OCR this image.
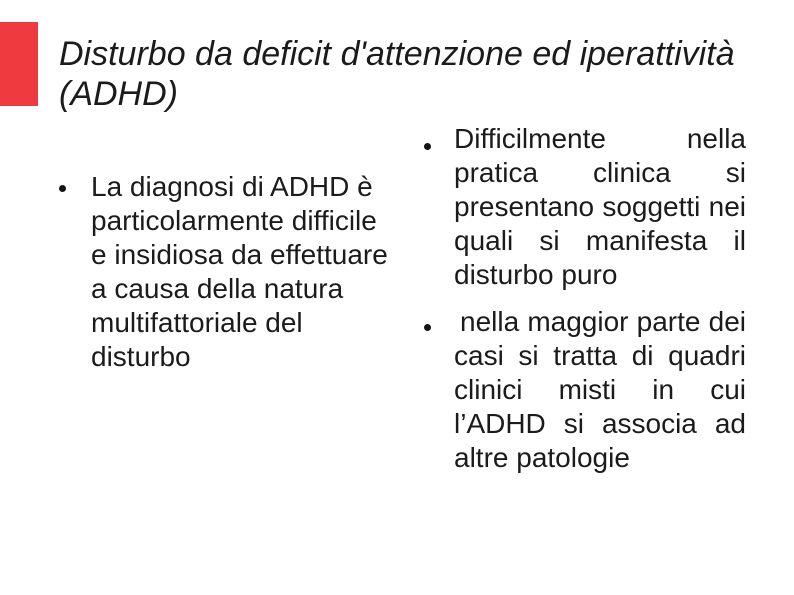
Disturbo da deficit d'attenzione ed iperattività (ADHD)
La diagnosi di ADHD è
particolarmente difficile
e insidiosa da effettuare
a causa della natura
multifattoriale del
disturbo
Difficilmente nella
pratica clinica si
presentano soggetti nei
quali si manifesta il
disturbo puro
nella maggior parte dei
casi si tratta di quadri
clinici misti in cui
l’ADHD si associa ad
altre patologie
